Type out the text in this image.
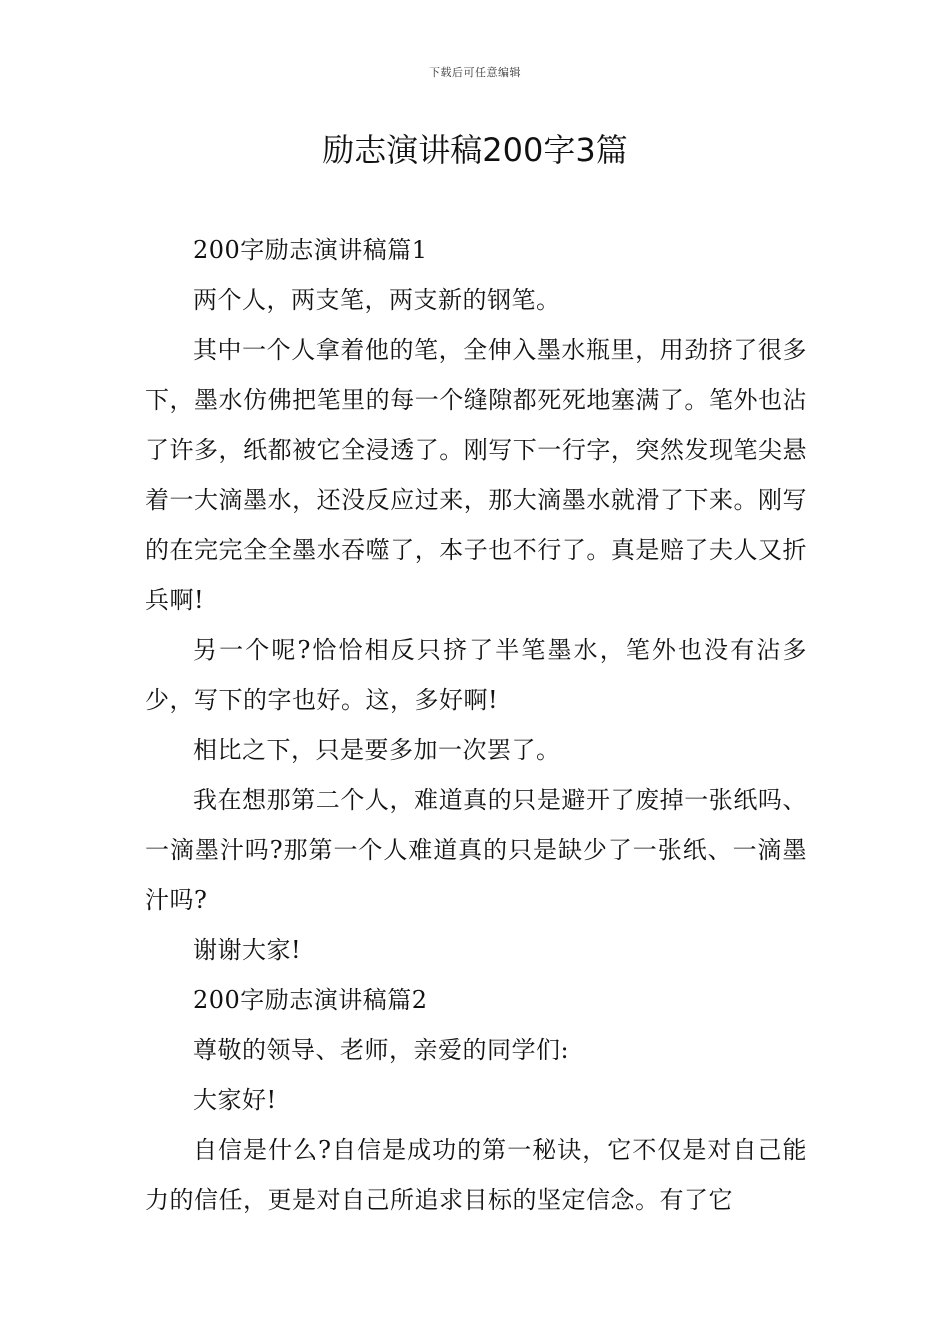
下载后可任意编辑
励志演讲稿200字3篇

200字励志演讲稿篇1

两个人，两支笔，两支新的钢笔。

其中一个人拿着他的笔，全伸入墨水瓶里，用劲挤了很多下，墨水仿佛把笔里的每一个缝隙都死死地塞满了。笔外也沾了许多，纸都被它全浸透了。刚写下一行字，突然发现笔尖悬着一大滴墨水，还没反应过来，那大滴墨水就滑了下来。刚写的在完完全全墨水吞噬了，本子也不行了。真是赔了夫人又折兵啊!

另一个呢?恰恰相反只挤了半笔墨水，笔外也没有沾多少，写下的字也好。这，多好啊!

相比之下，只是要多加一次罢了。

我在想那第二个人，难道真的只是避开了废掉一张纸吗、一滴墨汁吗?那第一个人难道真的只是缺少了一张纸、一滴墨汁吗?

谢谢大家!

200字励志演讲稿篇2

尊敬的领导、老师，亲爱的同学们:

大家好!

自信是什么?自信是成功的第一秘诀，它不仅是对自己能力的信任，更是对自己所追求目标的坚定信念。有了它
